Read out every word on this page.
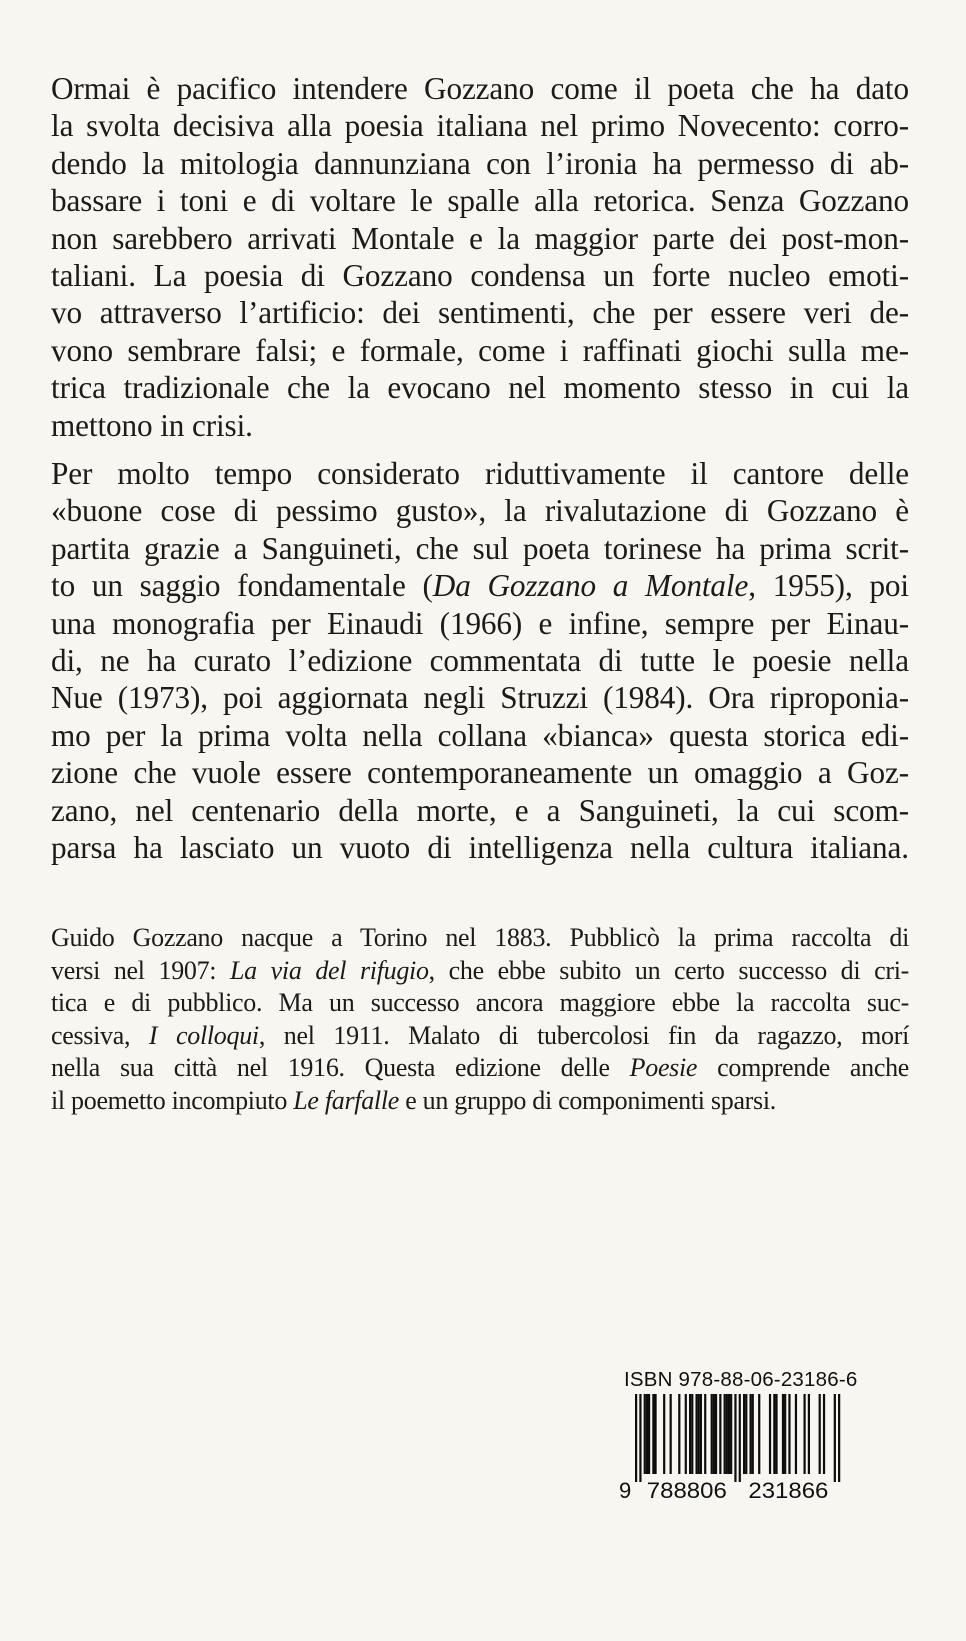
Ormai è pacifico intendere Gozzano come il poeta che ha dato
la svolta decisiva alla poesia italiana nel primo Novecento: corro-
dendo la mitologia dannunziana con l’ironia ha permesso di ab-
bassare i toni e di voltare le spalle alla retorica. Senza Gozzano
non sarebbero arrivati Montale e la maggior parte dei post-mon-
taliani. La poesia di Gozzano condensa un forte nucleo emoti-
vo attraverso l’artificio: dei sentimenti, che per essere veri de-
vono sembrare falsi; e formale, come i raffinati giochi sulla me-
trica tradizionale che la evocano nel momento stesso in cui la
mettono in crisi.
Per molto tempo considerato riduttivamente il cantore delle
«buone cose di pessimo gusto», la rivalutazione di Gozzano è
partita grazie a Sanguineti, che sul poeta torinese ha prima scrit-
to un saggio fondamentale (Da Gozzano a Montale, 1955), poi
una monografia per Einaudi (1966) e infine, sempre per Einau-
di, ne ha curato l’edizione commentata di tutte le poesie nella
Nue (1973), poi aggiornata negli Struzzi (1984). Ora riproponia-
mo per la prima volta nella collana «bianca» questa storica edi-
zione che vuole essere contemporaneamente un omaggio a Goz-
zano, nel centenario della morte, e a Sanguineti, la cui scom-
parsa ha lasciato un vuoto di intelligenza nella cultura italiana.
Guido Gozzano nacque a Torino nel 1883. Pubblicò la prima raccolta di
versi nel 1907: La via del rifugio, che ebbe subito un certo successo di cri-
tica e di pubblico. Ma un successo ancora maggiore ebbe la raccolta suc-
cessiva, I colloqui, nel 1911. Malato di tubercolosi fin da ragazzo, morí
nella sua città nel 1916. Questa edizione delle Poesie comprende anche
il poemetto incompiuto Le farfalle e un gruppo di componimenti sparsi.
ISBN 978-88-06-23186-6
9 788806 231866
